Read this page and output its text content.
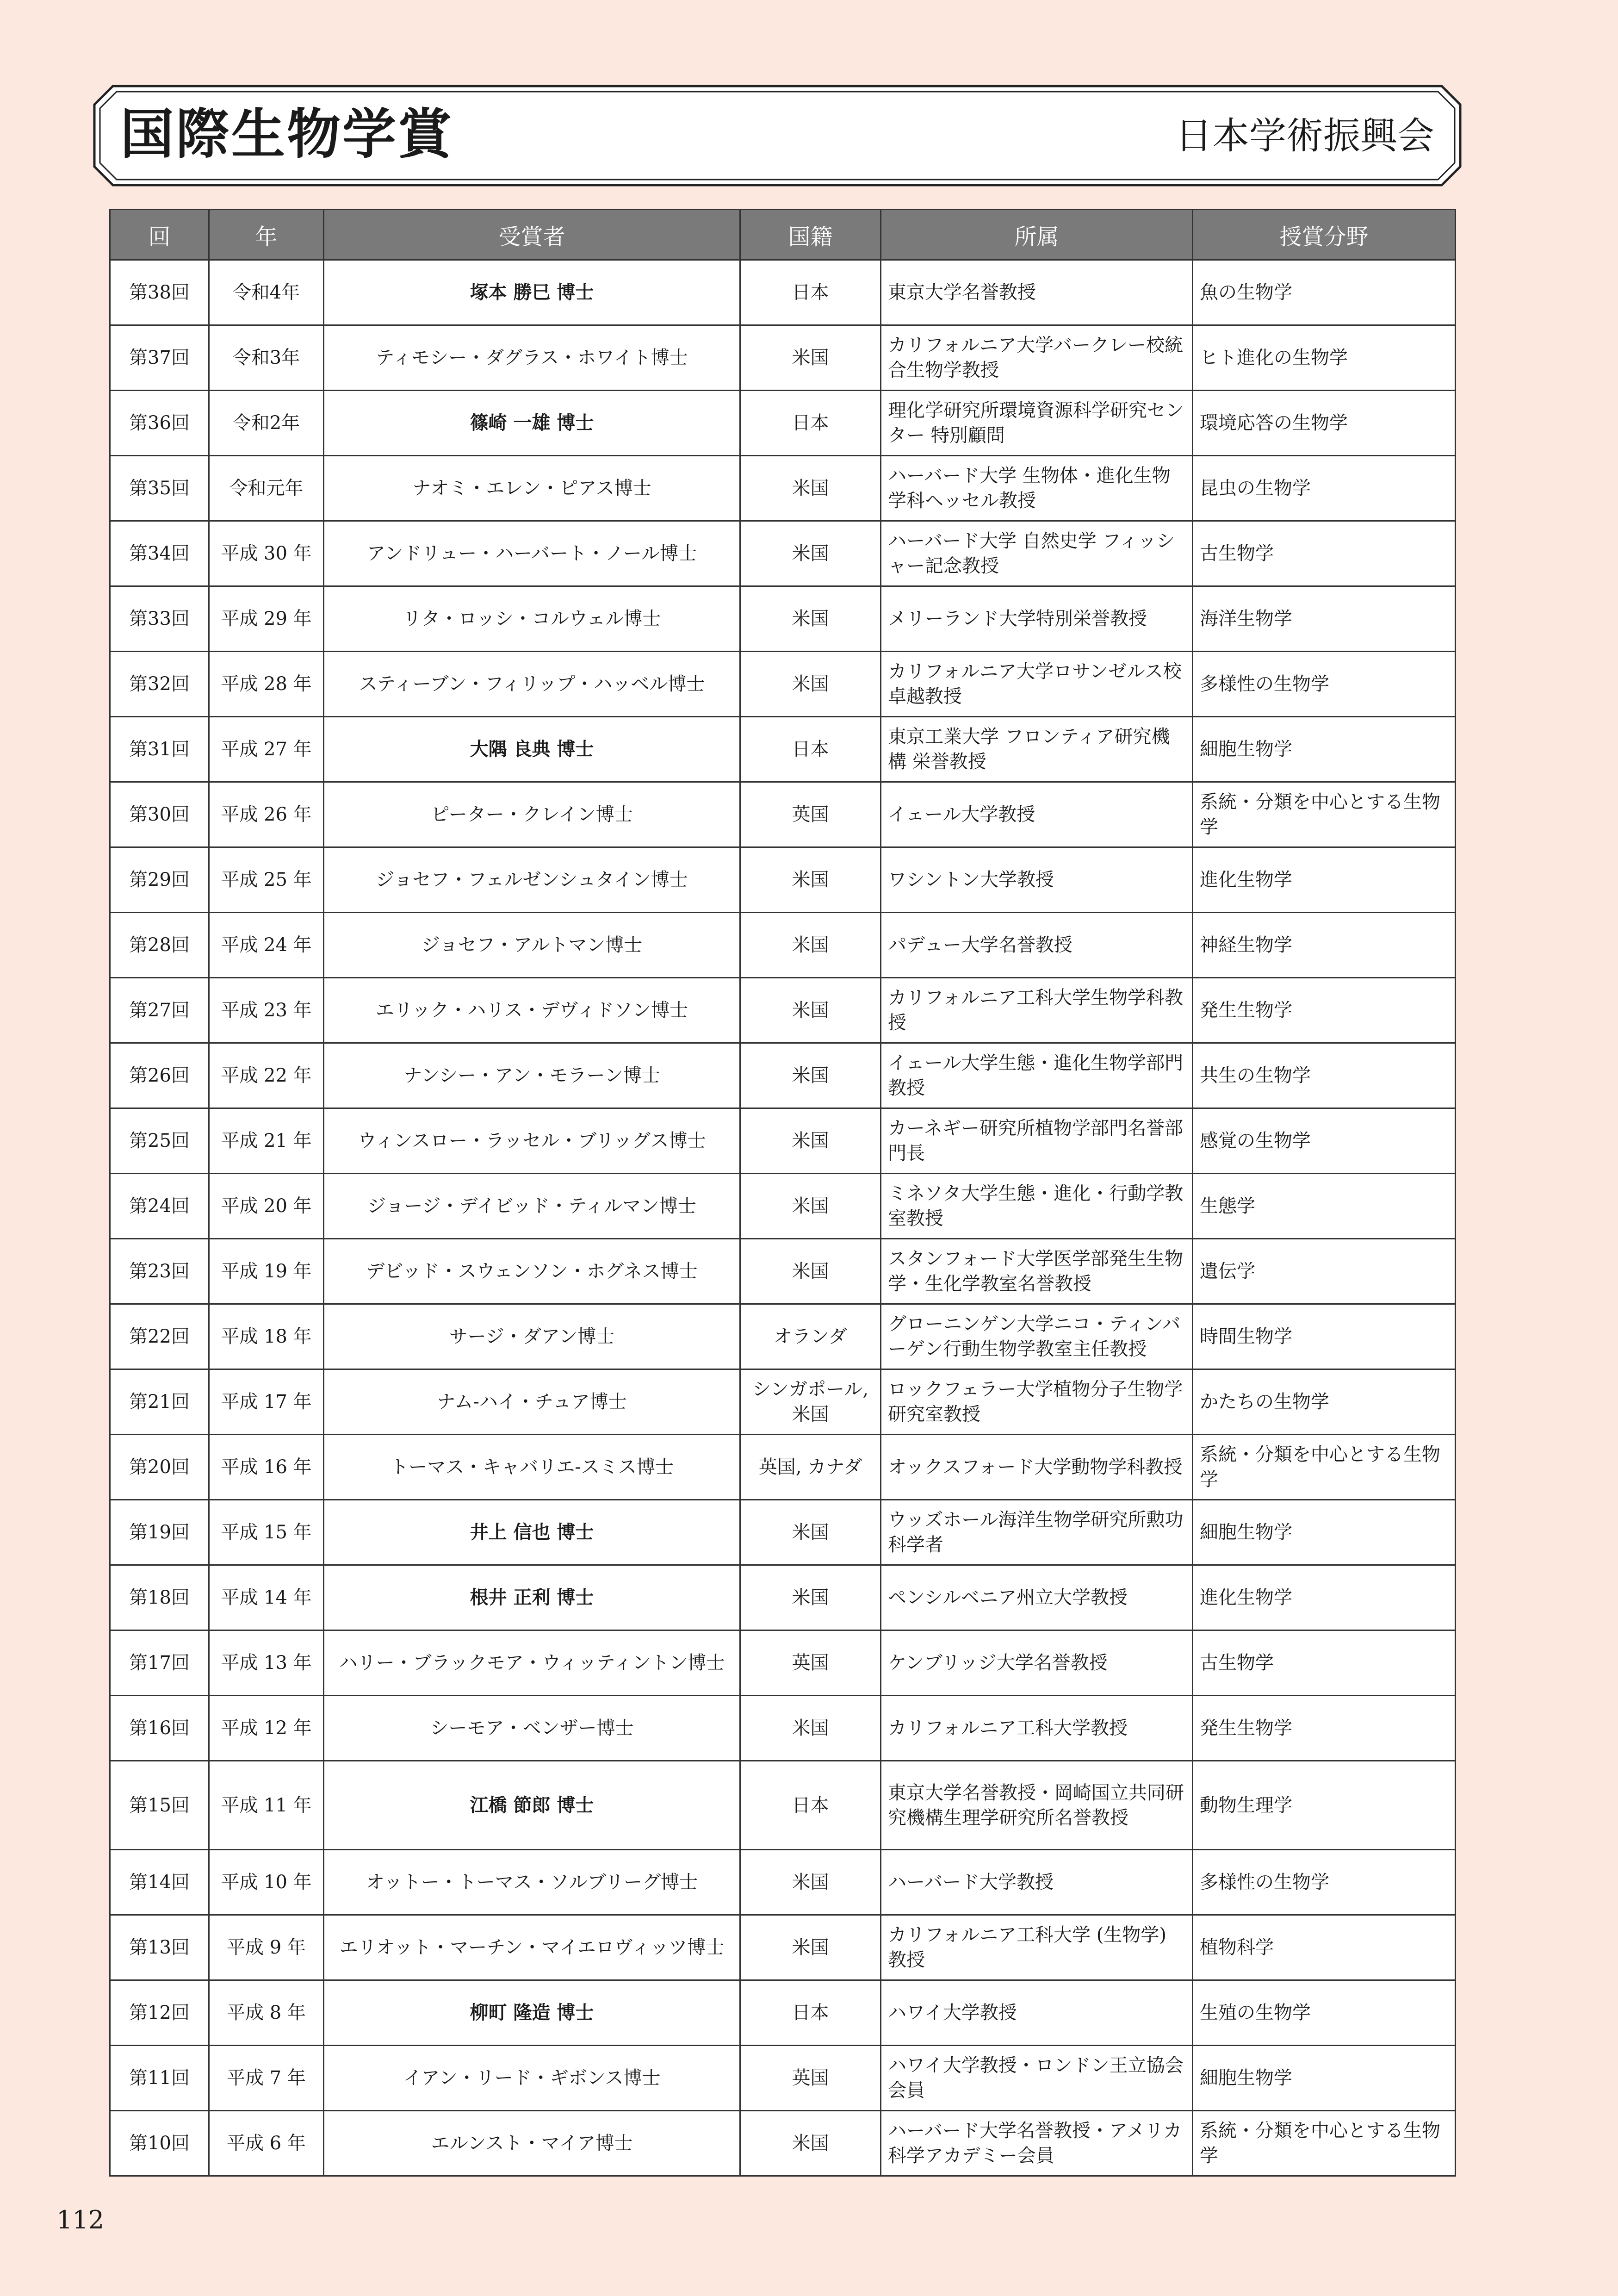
国際生物学賞	日本学術振興会
回	年	受賞者	国籍	所属	授賞分野
第38回	令和4年	塚本 勝巳 博士	日本	東京大学名誉教授	魚の生物学
第37回	令和3年	ティモシー・ダグラス・ホワイト博士	米国	カリフォルニア大学バークレー校統合生物学教授	ヒト進化の生物学
第36回	令和2年	篠崎 一雄 博士	日本	理化学研究所環境資源科学研究センター 特別顧問	環境応答の生物学
第35回	令和元年	ナオミ・エレン・ピアス博士	米国	ハーバード大学 生物体・進化生物学科ヘッセル教授	昆虫の生物学
第34回	平成 30 年	アンドリュー・ハーバート・ノール博士	米国	ハーバード大学 自然史学 フィッシャー記念教授	古生物学
第33回	平成 29 年	リタ・ロッシ・コルウェル博士	米国	メリーランド大学特別栄誉教授	海洋生物学
第32回	平成 28 年	スティーブン・フィリップ・ハッベル博士	米国	カリフォルニア大学ロサンゼルス校卓越教授	多様性の生物学
第31回	平成 27 年	大隅 良典 博士	日本	東京工業大学 フロンティア研究機構 栄誉教授	細胞生物学
第30回	平成 26 年	ピーター・クレイン博士	英国	イェール大学教授	系統・分類を中心とする生物学
第29回	平成 25 年	ジョセフ・フェルゼンシュタイン博士	米国	ワシントン大学教授	進化生物学
第28回	平成 24 年	ジョセフ・アルトマン博士	米国	パデュー大学名誉教授	神経生物学
第27回	平成 23 年	エリック・ハリス・デヴィドソン博士	米国	カリフォルニア工科大学生物学科教授	発生生物学
第26回	平成 22 年	ナンシー・アン・モラーン博士	米国	イェール大学生態・進化生物学部門教授	共生の生物学
第25回	平成 21 年	ウィンスロー・ラッセル・ブリッグス博士	米国	カーネギー研究所植物学部門名誉部門長	感覚の生物学
第24回	平成 20 年	ジョージ・デイビッド・ティルマン博士	米国	ミネソタ大学生態・進化・行動学教室教授	生態学
第23回	平成 19 年	デビッド・スウェンソン・ホグネス博士	米国	スタンフォード大学医学部発生生物学・生化学教室名誉教授	遺伝学
第22回	平成 18 年	サージ・ダアン博士	オランダ	グローニンゲン大学ニコ・ティンバーゲン行動生物学教室主任教授	時間生物学
第21回	平成 17 年	ナム-ハイ・チュア博士	シンガポール, 米国	ロックフェラー大学植物分子生物学研究室教授	かたちの生物学
第20回	平成 16 年	トーマス・キャバリエ-スミス博士	英国, カナダ	オックスフォード大学動物学科教授	系統・分類を中心とする生物学
第19回	平成 15 年	井上 信也 博士	米国	ウッズホール海洋生物学研究所勲功科学者	細胞生物学
第18回	平成 14 年	根井 正利 博士	米国	ペンシルベニア州立大学教授	進化生物学
第17回	平成 13 年	ハリー・ブラックモア・ウィッティントン博士	英国	ケンブリッジ大学名誉教授	古生物学
第16回	平成 12 年	シーモア・ベンザー博士	米国	カリフォルニア工科大学教授	発生生物学
第15回	平成 11 年	江橋 節郎 博士	日本	東京大学名誉教授・岡崎国立共同研究機構生理学研究所名誉教授	動物生理学
第14回	平成 10 年	オットー・トーマス・ソルブリーグ博士	米国	ハーバード大学教授	多様性の生物学
第13回	平成 9 年	エリオット・マーチン・マイエロヴィッツ博士	米国	カリフォルニア工科大学 (生物学) 教授	植物科学
第12回	平成 8 年	柳町 隆造 博士	日本	ハワイ大学教授	生殖の生物学
第11回	平成 7 年	イアン・リード・ギボンス博士	英国	ハワイ大学教授・ロンドン王立協会会員	細胞生物学
第10回	平成 6 年	エルンスト・マイア博士	米国	ハーバード大学名誉教授・アメリカ科学アカデミー会員	系統・分類を中心とする生物学
112
